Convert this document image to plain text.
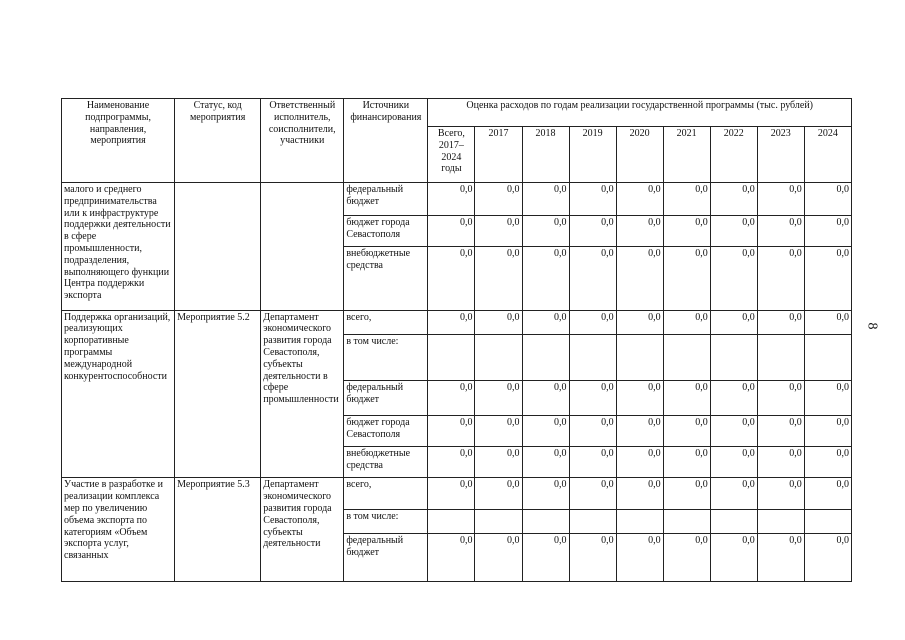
8
Наименование подпрограммы, направления, мероприятия	Статус, код мероприятия	Ответственный исполнитель, соисполнители, участники	Источники финансирования	Оценка расходов по годам реализации государственной программы (тыс. рублей)								
				Всего, 2017–2024 годы	2017	2018	2019	2020	2021	2022	2023	2024
малого и среднего предпринимательства или к инфраструктуре поддержки деятельности в сфере промышленности, подразделения, выполняющего функции Центра поддержки экспорта			федеральный бюджет	0,0	0,0	0,0	0,0	0,0	0,0	0,0	0,0	0,0
			бюджет города Севастополя	0,0	0,0	0,0	0,0	0,0	0,0	0,0	0,0	0,0
			внебюджетные средства	0,0	0,0	0,0	0,0	0,0	0,0	0,0	0,0	0,0
Поддержка организаций, реализующих корпоративные программы международной конкурентоспособности	Мероприятие 5.2	Департамент экономического развития города Севастополя, субъекты деятельности в сфере промышленности	всего,	0,0	0,0	0,0	0,0	0,0	0,0	0,0	0,0	0,0
			в том числе:									
			федеральный бюджет	0,0	0,0	0,0	0,0	0,0	0,0	0,0	0,0	0,0
			бюджет города Севастополя	0,0	0,0	0,0	0,0	0,0	0,0	0,0	0,0	0,0
			внебюджетные средства	0,0	0,0	0,0	0,0	0,0	0,0	0,0	0,0	0,0
Участие в разработке и реализации комплекса мер по увеличению объема экспорта по категориям «Объем экспорта услуг, связанных	Мероприятие 5.3	Департамент экономического развития города Севастополя, субъекты деятельности	всего,	0,0	0,0	0,0	0,0	0,0	0,0	0,0	0,0	0,0
			в том числе:									
			федеральный бюджет	0,0	0,0	0,0	0,0	0,0	0,0	0,0	0,0	0,0
